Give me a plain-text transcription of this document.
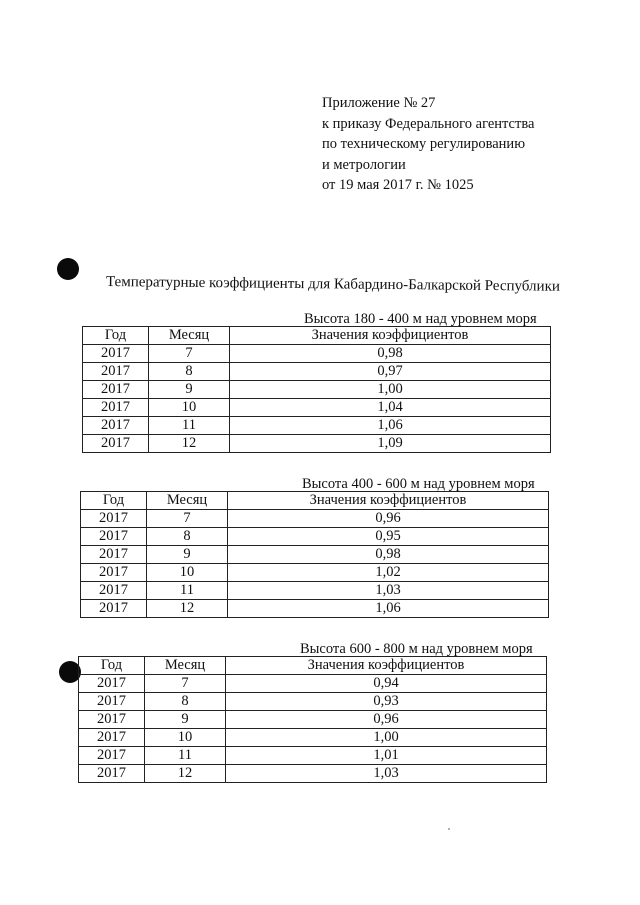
Приложение № 27
к приказу Федерального агентства
по техническому регулированию
и метрологии
от 19 мая 2017 г. № 1025
Температурные коэффициенты для Кабардино-Балкарской Республики
Высота 180 - 400 м над уровнем моря
Год	Месяц	Значения коэффициентов
2017	7	0,98
2017	8	0,97
2017	9	1,00
2017	10	1,04
2017	11	1,06
2017	12	1,09
Высота 400 - 600 м над уровнем моря
Год	Месяц	Значения коэффициентов
2017	7	0,96
2017	8	0,95
2017	9	0,98
2017	10	1,02
2017	11	1,03
2017	12	1,06
Высота 600 - 800 м над уровнем моря
Год	Месяц	Значения коэффициентов
2017	7	0,94
2017	8	0,93
2017	9	0,96
2017	10	1,00
2017	11	1,01
2017	12	1,03
